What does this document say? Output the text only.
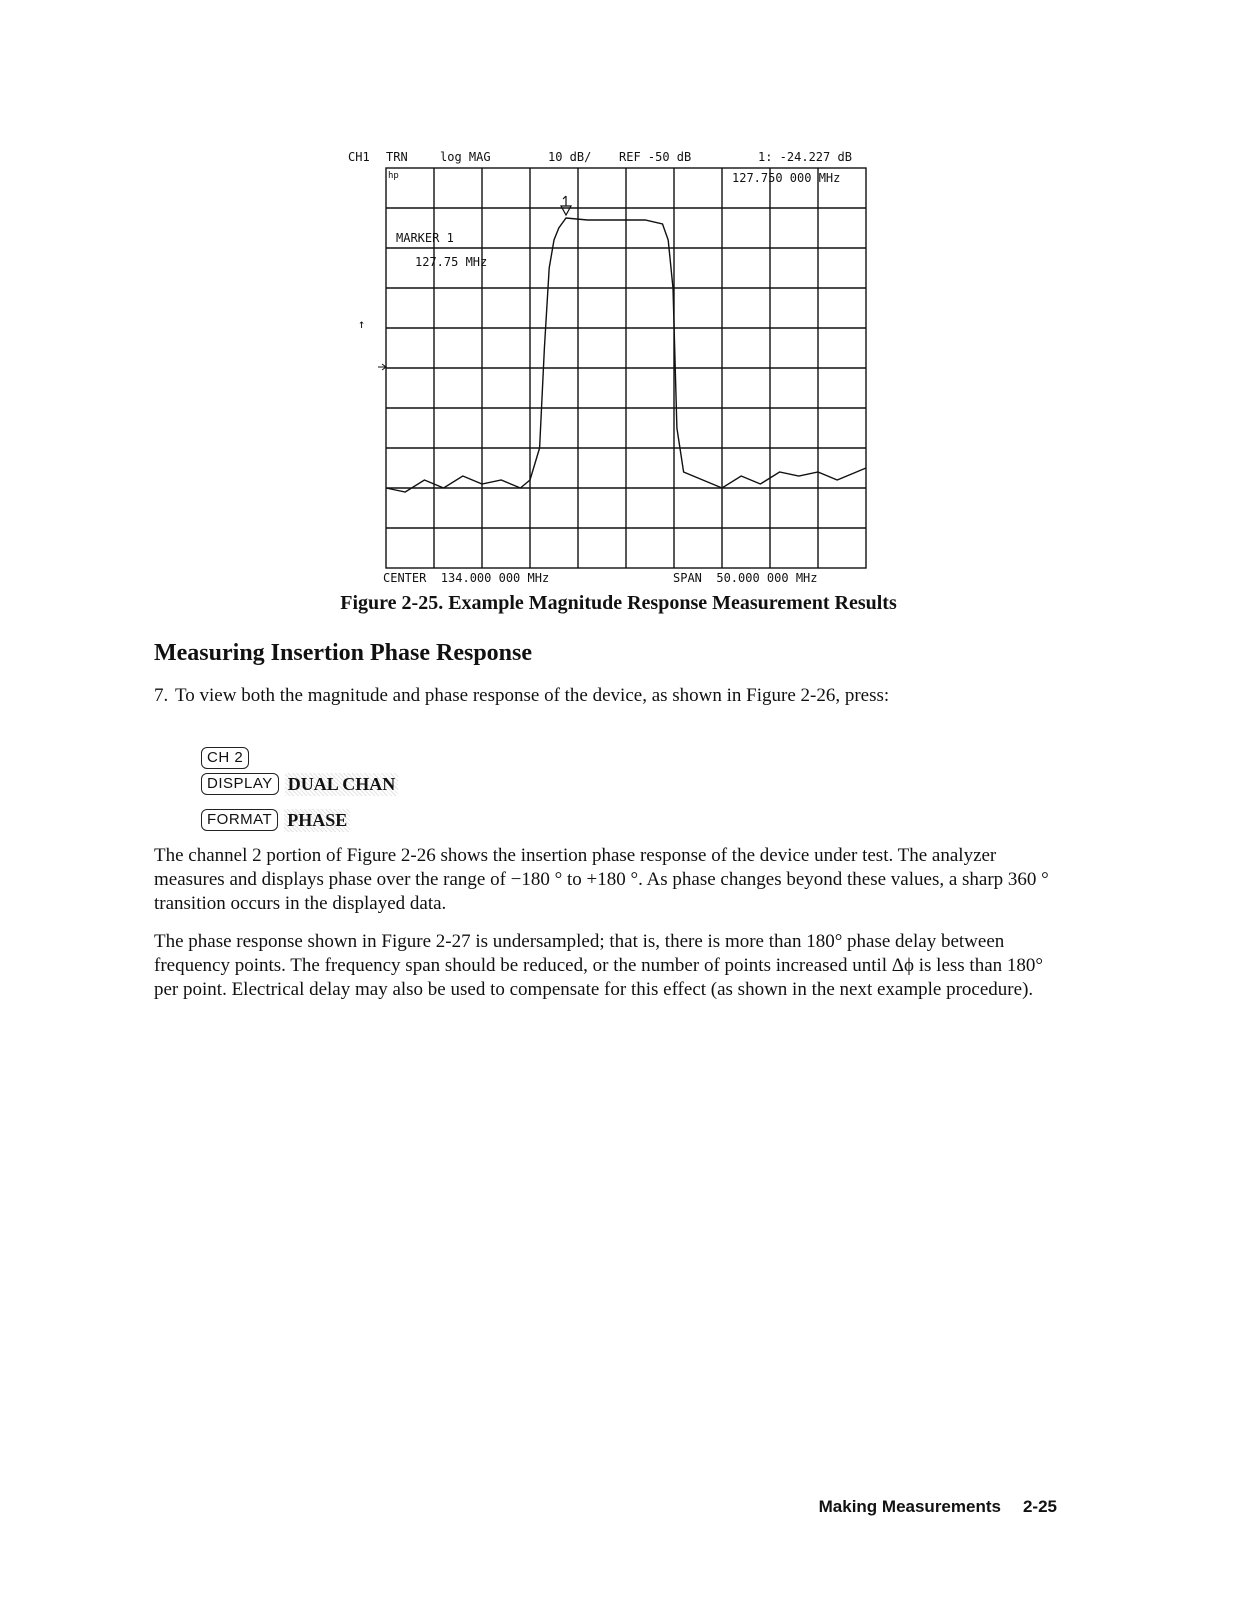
CH1 TRN	log MAG	10 dB/ REF -50 dB	1: -24.227 dB
127.750 000 MHz
MARKER 1
127.75 MHz
hp
↑
CENTER  134.000 000 MHz	SPAN  50.000 000 MHz
Figure 2-25. Example Magnitude Response Measurement Results
Measuring Insertion Phase Response
7. To view both the magnitude and phase response of the device, as shown in Figure 2-26, press:
CH 2
DISPLAY DUAL CHAN
FORMAT PHASE
The channel 2 portion of Figure 2-26 shows the insertion phase response of the device under test. The analyzer measures and displays phase over the range of −180 ° to +180 °. As phase changes beyond these values, a sharp 360 ° transition occurs in the displayed data.
The phase response shown in Figure 2-27 is undersampled; that is, there is more than 180° phase delay between frequency points. The frequency span should be reduced, or the number of points increased until Δϕ is less than 180° per point. Electrical delay may also be used to compensate for this effect (as shown in the next example procedure).
Making Measurements 2-25
